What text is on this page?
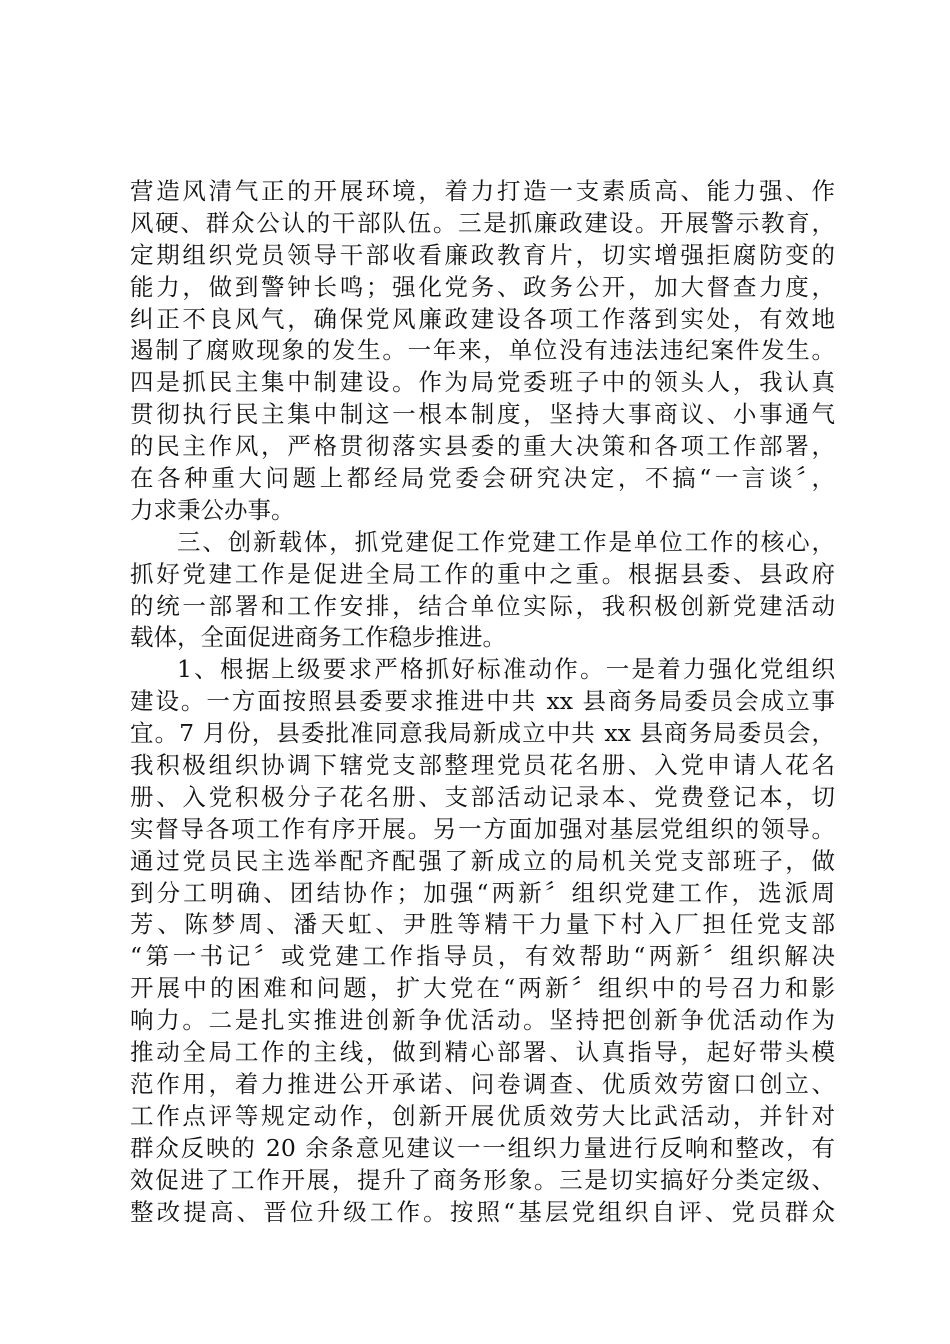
营造风清气正的开展环境，着力打造一支素质高、能力强、作
风硬、群众公认的干部队伍。三是抓廉政建设。开展警示教育，
定期组织党员领导干部收看廉政教育片，切实增强拒腐防变的
能力，做到警钟长鸣；强化党务、政务公开，加大督查力度，
纠正不良风气，确保党风廉政建设各项工作落到实处，有效地
遏制了腐败现象的发生。一年来，单位没有违法违纪案件发生。
四是抓民主集中制建设。作为局党委班子中的领头人，我认真
贯彻执行民主集中制这一根本制度，坚持大事商议、小事通气
的民主作风，严格贯彻落实县委的重大决策和各项工作部署，
在各种重大问题上都经局党委会研究决定，不搞“一言谈〞，
力求秉公办事。
三、创新载体，抓党建促工作党建工作是单位工作的核心，
抓好党建工作是促进全局工作的重中之重。根据县委、县政府
的统一部署和工作安排，结合单位实际，我积极创新党建活动
载体，全面促进商务工作稳步推进。
1、根据上级要求严格抓好标准动作。一是着力强化党组织
建设。一方面按照县委要求推进中共 xx 县商务局委员会成立事
宜。7 月份，县委批准同意我局新成立中共 xx 县商务局委员会，
我积极组织协调下辖党支部整理党员花名册、入党申请人花名
册、入党积极分子花名册、支部活动记录本、党费登记本，切
实督导各项工作有序开展。另一方面加强对基层党组织的领导。
通过党员民主选举配齐配强了新成立的局机关党支部班子，做
到分工明确、团结协作；加强“两新〞组织党建工作，选派周
芳、陈梦周、潘天虹、尹胜等精干力量下村入厂担任党支部
“第一书记〞或党建工作指导员，有效帮助“两新〞组织解决
开展中的困难和问题，扩大党在“两新〞组织中的号召力和影
响力。二是扎实推进创新争优活动。坚持把创新争优活动作为
推动全局工作的主线，做到精心部署、认真指导，起好带头模
范作用，着力推进公开承诺、问卷调查、优质效劳窗口创立、
工作点评等规定动作，创新开展优质效劳大比武活动，并针对
群众反映的 20 余条意见建议一一组织力量进行反响和整改，有
效促进了工作开展，提升了商务形象。三是切实搞好分类定级、
整改提高、晋位升级工作。按照“基层党组织自评、党员群众
